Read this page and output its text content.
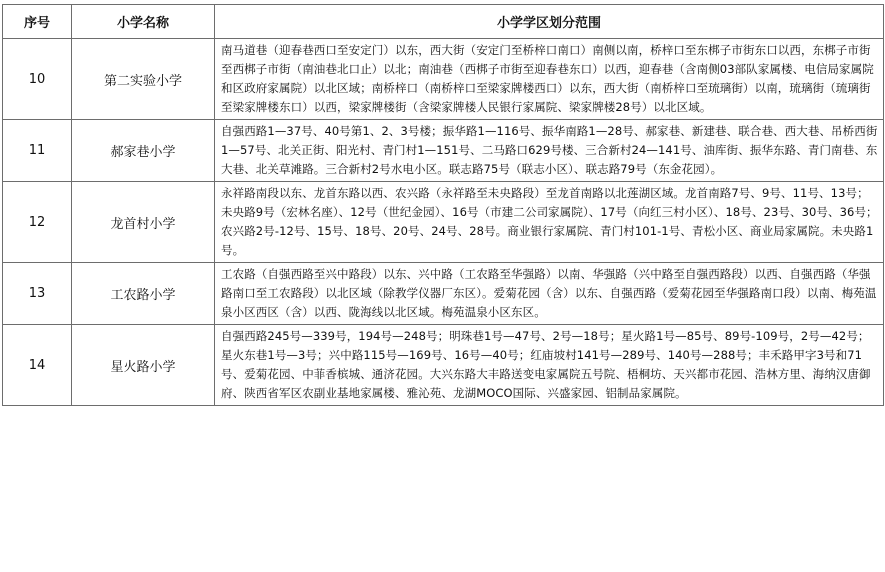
序号	小学名称	小学学区划分范围
10	第二实验小学	南马道巷（迎春巷西口至安定门）以东，西大街（安定门至桥梓口南口）南侧以南，桥梓口至东梆子市街东口以西，东梆子市街至西梆子市街（南油巷北口止）以北；南油巷（西梆子市街至迎春巷东口）以西，迎春巷（含南侧03部队家属楼、电信局家属院和区政府家属院）以北区域；南桥梓口（南桥梓口至梁家牌楼西口）以东，西大街（南桥梓口至琉璃街）以南，琉璃街（琉璃街至梁家牌楼东口）以西，梁家牌楼街（含梁家牌楼人民银行家属院、梁家牌楼28号）以北区域。
11	郝家巷小学	自强西路1—37号、40号第1、2、3号楼；振华路1—116号、振华南路1—28号、郝家巷、新建巷、联合巷、西大巷、吊桥西街1—57号、北关正街、阳光村、青门村1—151号、二马路口629号楼、三合新村24—141号、油库街、振华东路、青门南巷、东大巷、北关草滩路。三合新村2号水电小区。联志路75号（联志小区）、联志路79号（东金花园）。
12	龙首村小学	永祥路南段以东、龙首东路以西、农兴路（永祥路至未央路段）至龙首南路以北莲湖区域。龙首南路7号、9号、11号、13号；未央路9号（宏林名座）、12号（世纪金园）、16号（市建二公司家属院）、17号（向红三村小区）、18号、23号、30号、36号；农兴路2号-12号、15号、18号、20号、24号、28号。商业银行家属院、青门村101-1号、青松小区、商业局家属院。未央路1号。
13	工农路小学	工农路（自强西路至兴中路段）以东、兴中路（工农路至华强路）以南、华强路（兴中路至自强西路段）以西、自强西路（华强路南口至工农路段）以北区域（除教学仪器厂东区）。爱菊花园（含）以东、自强西路（爱菊花园至华强路南口段）以南、梅苑温泉小区西区（含）以西、陇海线以北区域。梅苑温泉小区东区。
14	星火路小学	自强西路245号—339号，194号—248号；明珠巷1号—47号、2号—18号；星火路1号—85号、89号-109号，2号—42号；星火东巷1号—3号；兴中路115号—169号、16号—40号；红庙坡村141号—289号、140号—288号；丰禾路甲字3号和71号、爱菊花园、中菲香槟城、通济花园。大兴东路大丰路送变电家属院五号院、梧桐坊、天兴都市花园、浩林方里、海纳汉唐御府、陕西省军区农副业基地家属楼、雅沁苑、龙湖MOCO国际、兴盛家园、铝制品家属院。
